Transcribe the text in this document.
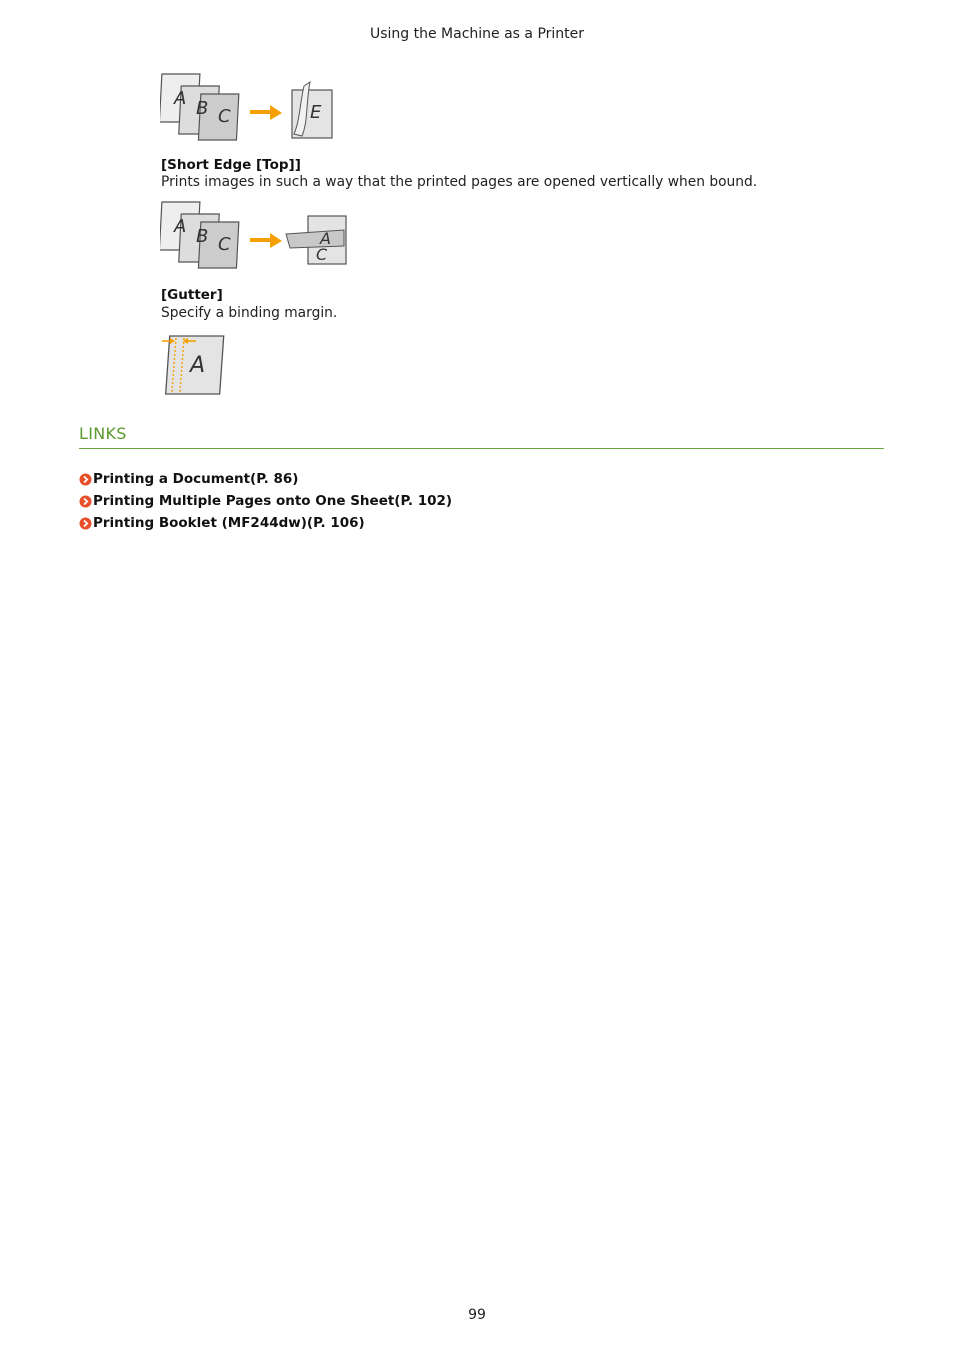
Using the Machine as a Printer
A B C	E
[Short Edge [Top]]
Prints images in such a way that the printed pages are opened vertically when bound.
A B C	A
C
[Gutter]
Specify a binding margin.
A
LINKS
Printing a Document(P. 86)
Printing Multiple Pages onto One Sheet(P. 102)
Printing Booklet (MF244dw)(P. 106)
99
